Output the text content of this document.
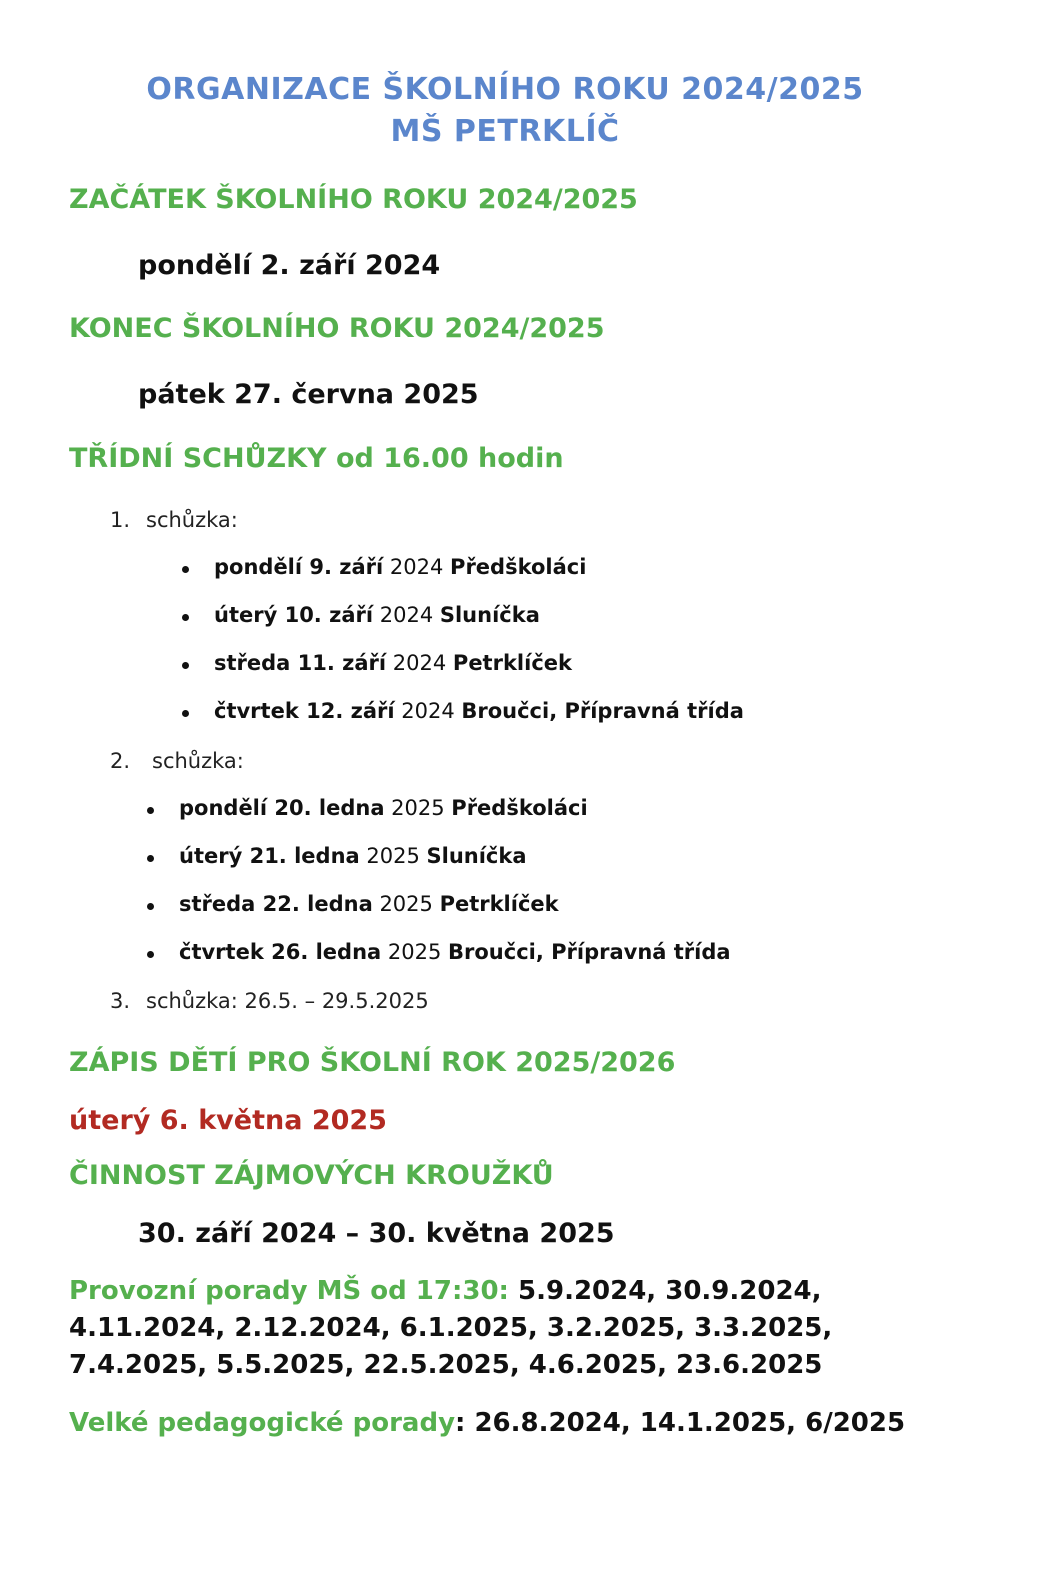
ORGANIZACE ŠKOLNÍHO ROKU 2024/2025
MŠ PETRKLÍČ
ZAČÁTEK ŠKOLNÍHO ROKU 2024/2025
pondělí 2. září 2024
KONEC ŠKOLNÍHO ROKU 2024/2025
pátek 27. června 2025
TŘÍDNÍ SCHŮZKY od 16.00 hodin
1. schůzka:
pondělí 9. září 2024 Předškoláci
úterý 10. září 2024 Sluníčka
středa 11. září 2024 Petrklíček
čtvrtek 12. září 2024 Broučci, Přípravná třída
2. schůzka:
pondělí 20. ledna 2025 Předškoláci
úterý 21. ledna 2025 Sluníčka
středa 22. ledna 2025 Petrklíček
čtvrtek 26. ledna 2025 Broučci, Přípravná třída
3. schůzka: 26.5. – 29.5.2025
ZÁPIS DĚTÍ PRO ŠKOLNÍ ROK 2025/2026
úterý 6. května 2025
ČINNOST ZÁJMOVÝCH KROUŽKŮ
30. září 2024 – 30. května 2025
Provozní porady MŠ od 17:30: 5.9.2024, 30.9.2024, 4.11.2024, 2.12.2024, 6.1.2025, 3.2.2025, 3.3.2025, 7.4.2025, 5.5.2025, 22.5.2025, 4.6.2025, 23.6.2025
Velké pedagogické porady: 26.8.2024, 14.1.2025, 6/2025
